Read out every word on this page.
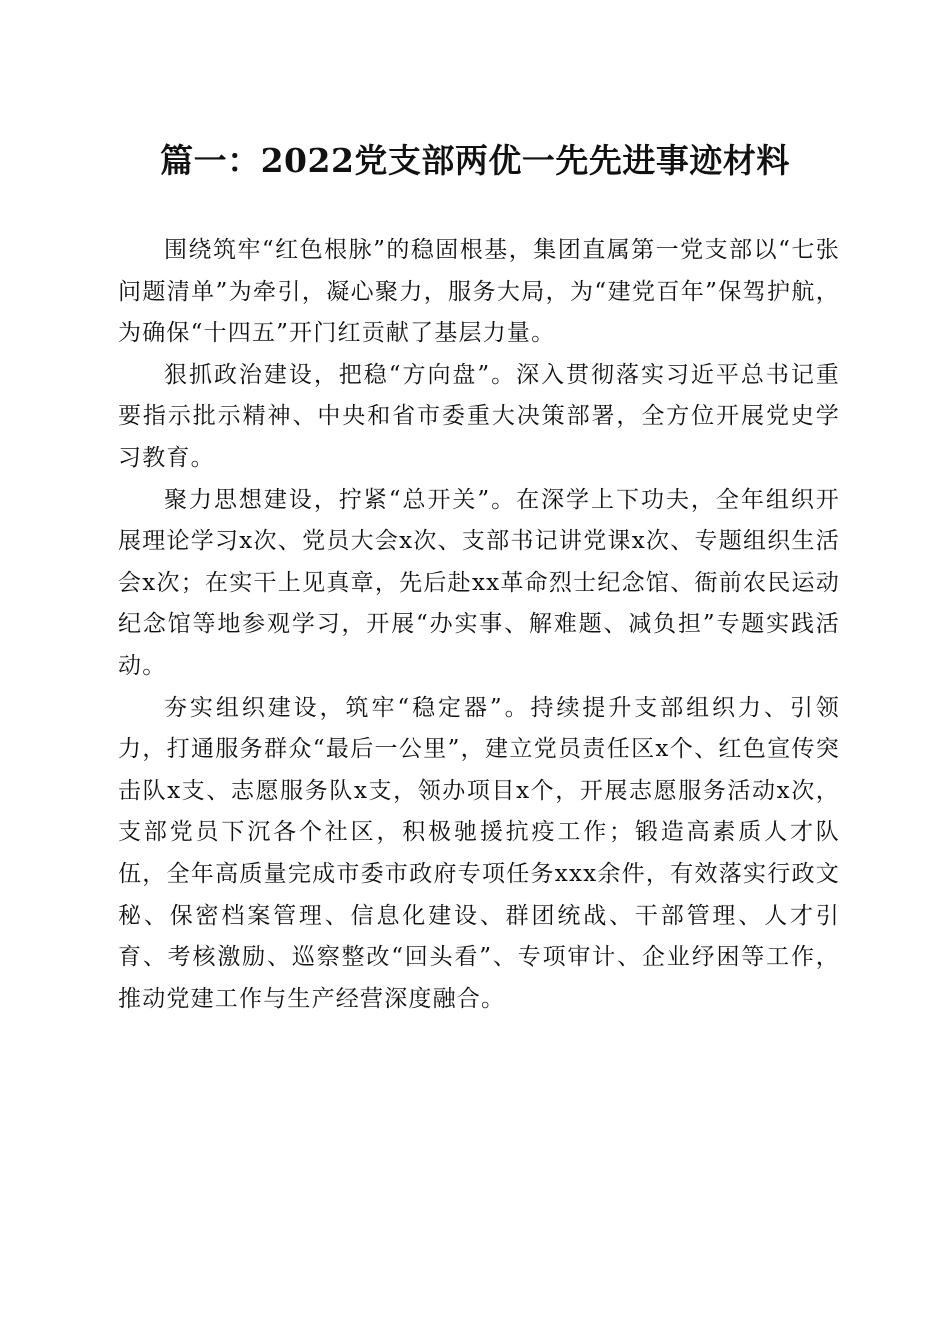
篇一：2022党支部两优一先先进事迹材料

围绕筑牢“红色根脉”的稳固根基，集团直属第一党支部以“七张问题清单”为牵引，凝心聚力，服务大局，为“建党百年”保驾护航，为确保“十四五”开门红贡献了基层力量。

狠抓政治建设，把稳“方向盘”。深入贯彻落实习近平总书记重要指示批示精神、中央和省市委重大决策部署，全方位开展党史学习教育。

聚力思想建设，拧紧“总开关”。在深学上下功夫，全年组织开展理论学习x次、党员大会x次、支部书记讲党课x次、专题组织生活会x次；在实干上见真章，先后赴xx革命烈士纪念馆、衙前农民运动纪念馆等地参观学习，开展“办实事、解难题、减负担”专题实践活动。

夯实组织建设，筑牢“稳定器”。持续提升支部组织力、引领力，打通服务群众“最后一公里”，建立党员责任区x个、红色宣传突击队x支、志愿服务队x支，领办项目x个，开展志愿服务活动x次，支部党员下沉各个社区，积极驰援抗疫工作；锻造高素质人才队伍，全年高质量完成市委市政府专项任务xxx余件，有效落实行政文秘、保密档案管理、信息化建设、群团统战、干部管理、人才引育、考核激励、巡察整改“回头看”、专项审计、企业纾困等工作，推动党建工作与生产经营深度融合。
